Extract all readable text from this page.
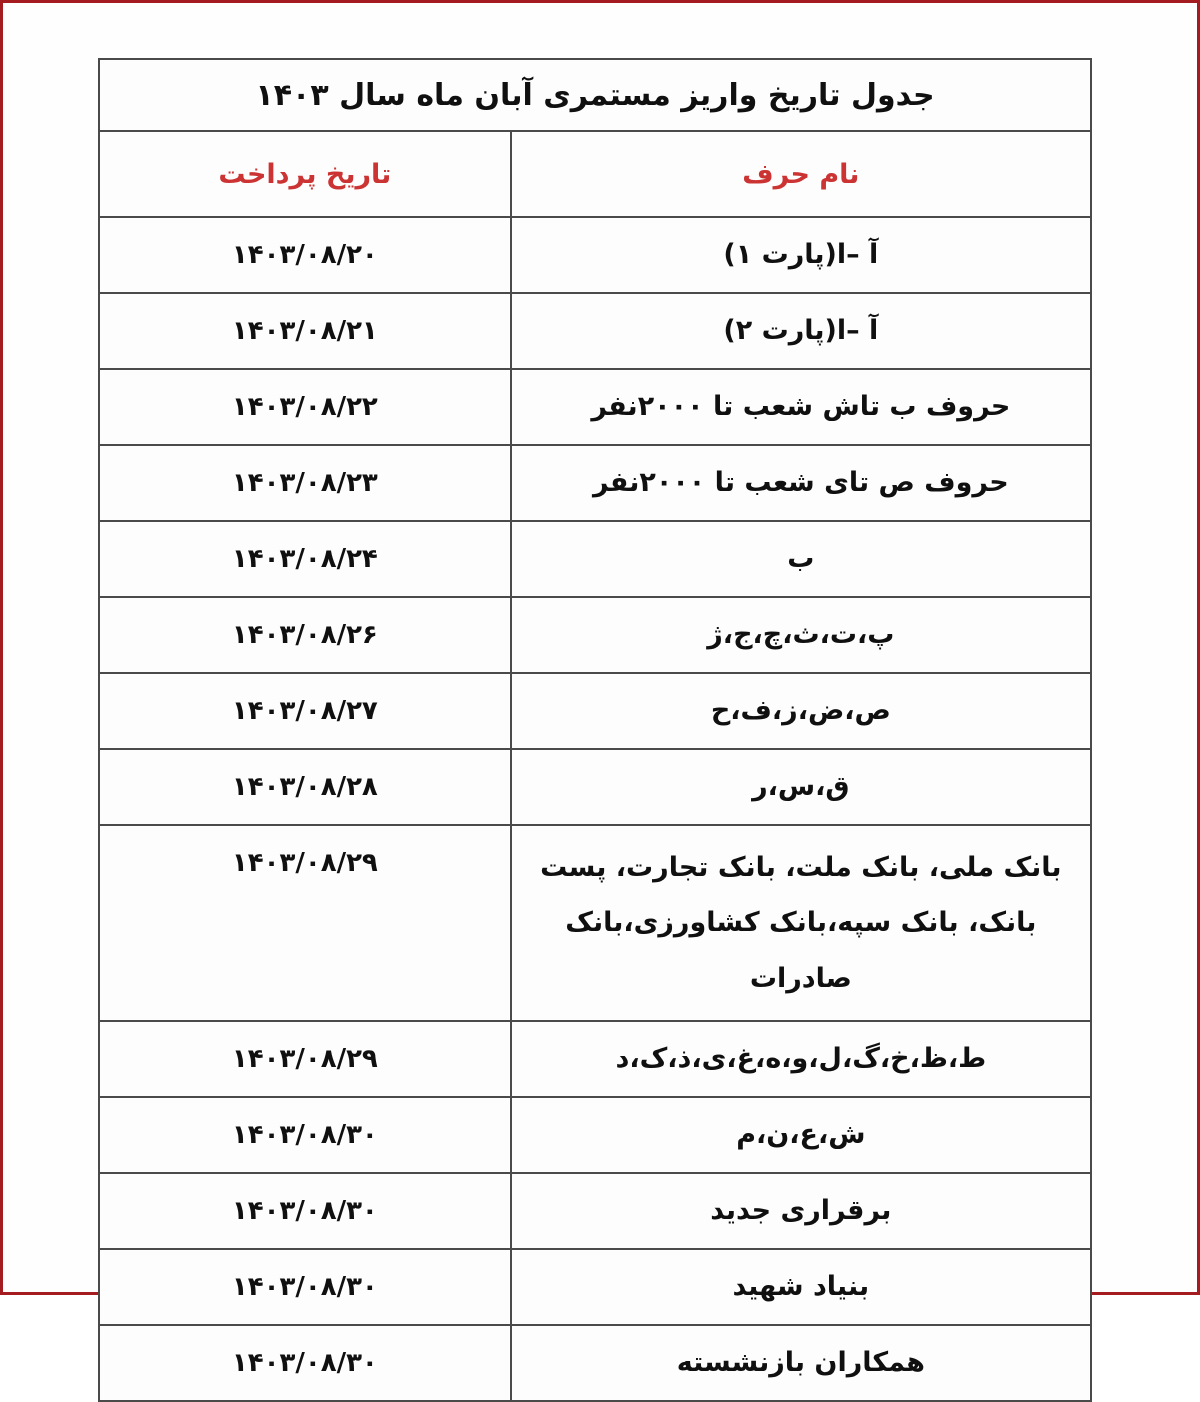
جدول تاریخ واریز مستمری آبان ماه سال ۱۴۰۳	
نام حرف	تاریخ پرداخت
آ –ا(پارت ۱)	۱۴۰۳/۰۸/۲۰
آ –ا(پارت ۲)	۱۴۰۳/۰۸/۲۱
حروف ب تاش شعب تا ۲۰۰۰نفر	۱۴۰۳/۰۸/۲۲
حروف ص تای شعب تا ۲۰۰۰نفر	۱۴۰۳/۰۸/۲۳
ب	۱۴۰۳/۰۸/۲۴
پ،ت،ث،چ،ج،ژ	۱۴۰۳/۰۸/۲۶
ص،ض،ز،ف،ح	۱۴۰۳/۰۸/۲۷
ق،س،ر	۱۴۰۳/۰۸/۲۸
بانک ملی، بانک ملت، بانک تجارت، پست بانک، بانک سپه،بانک کشاورزی،بانک صادرات	۱۴۰۳/۰۸/۲۹
ط،ظ،خ،گ،ل،و،ه،غ،ی،ذ،ک،د	۱۴۰۳/۰۸/۲۹
ش،ع،ن،م	۱۴۰۳/۰۸/۳۰
برقراری جدید	۱۴۰۳/۰۸/۳۰
بنیاد شهید	۱۴۰۳/۰۸/۳۰
همکاران بازنشسته	۱۴۰۳/۰۸/۳۰
